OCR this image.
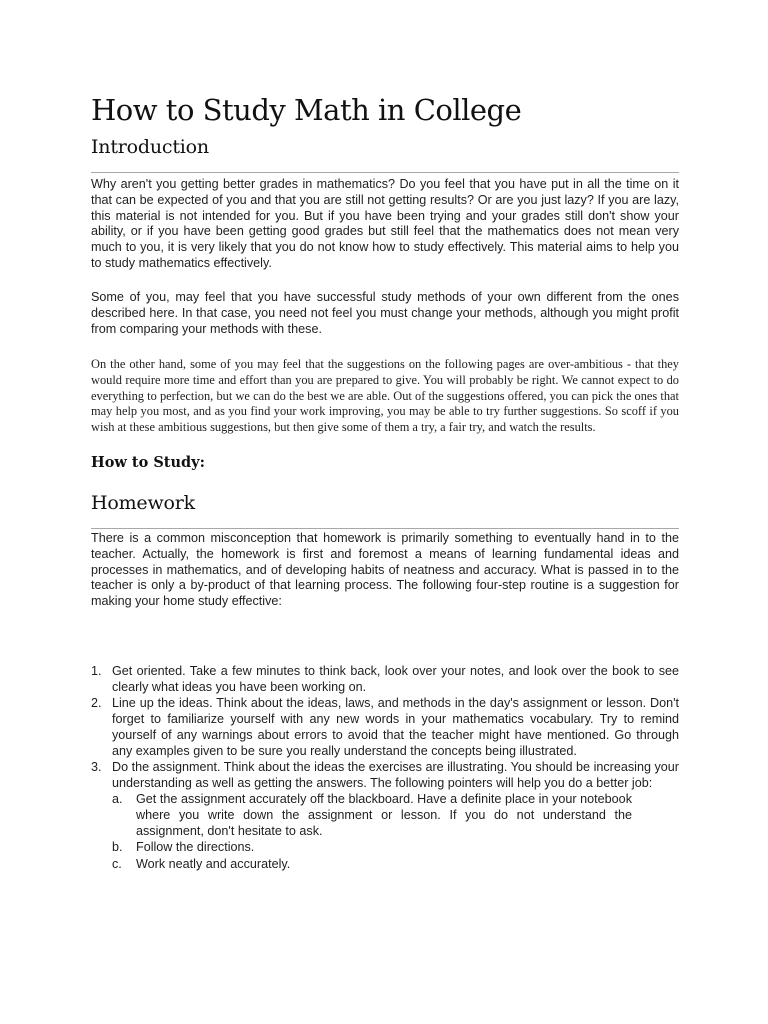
How to Study Math in College
Introduction

Why aren't you getting better grades in mathematics? Do you feel that you have put in all the time on it that can be expected of you and that you are still not getting results? Or are you just lazy? If you are lazy, this material is not intended for you. But if you have been trying and your grades still don't show your ability, or if you have been getting good grades but still feel that the mathematics does not mean very much to you, it is very likely that you do not know how to study effectively. This material aims to help you to study mathematics effectively.

Some of you, may feel that you have successful study methods of your own different from the ones described here. In that case, you need not feel you must change your methods, although you might profit from comparing your methods with these.

On the other hand, some of you may feel that the suggestions on the following pages are over-ambitious - that they would require more time and effort than you are prepared to give. You will probably be right. We cannot expect to do everything to perfection, but we can do the best we are able. Out of the suggestions offered, you can pick the ones that may help you most, and as you find your work improving, you may be able to try further suggestions. So scoff if you wish at these ambitious suggestions, but then give some of them a try, a fair try, and watch the results.

How to Study:
Homework

There is a common misconception that homework is primarily something to eventually hand in to the teacher. Actually, the homework is first and foremost a means of learning fundamental ideas and processes in mathematics, and of developing habits of neatness and accuracy. What is passed in to the teacher is only a by-product of that learning process. The following four-step routine is a suggestion for making your home study effective:

1. Get oriented. Take a few minutes to think back, look over your notes, and look over the book to see clearly what ideas you have been working on.
2. Line up the ideas. Think about the ideas, laws, and methods in the day's assignment or lesson. Don't forget to familiarize yourself with any new words in your mathematics vocabulary. Try to remind yourself of any warnings about errors to avoid that the teacher might have mentioned. Go through any examples given to be sure you really understand the concepts being illustrated.
3. Do the assignment. Think about the ideas the exercises are illustrating. You should be increasing your understanding as well as getting the answers. The following pointers will help you do a better job:
a. Get the assignment accurately off the blackboard. Have a definite place in your notebook where you write down the assignment or lesson. If you do not understand the assignment, don't hesitate to ask.
b. Follow the directions.
c. Work neatly and accurately.
